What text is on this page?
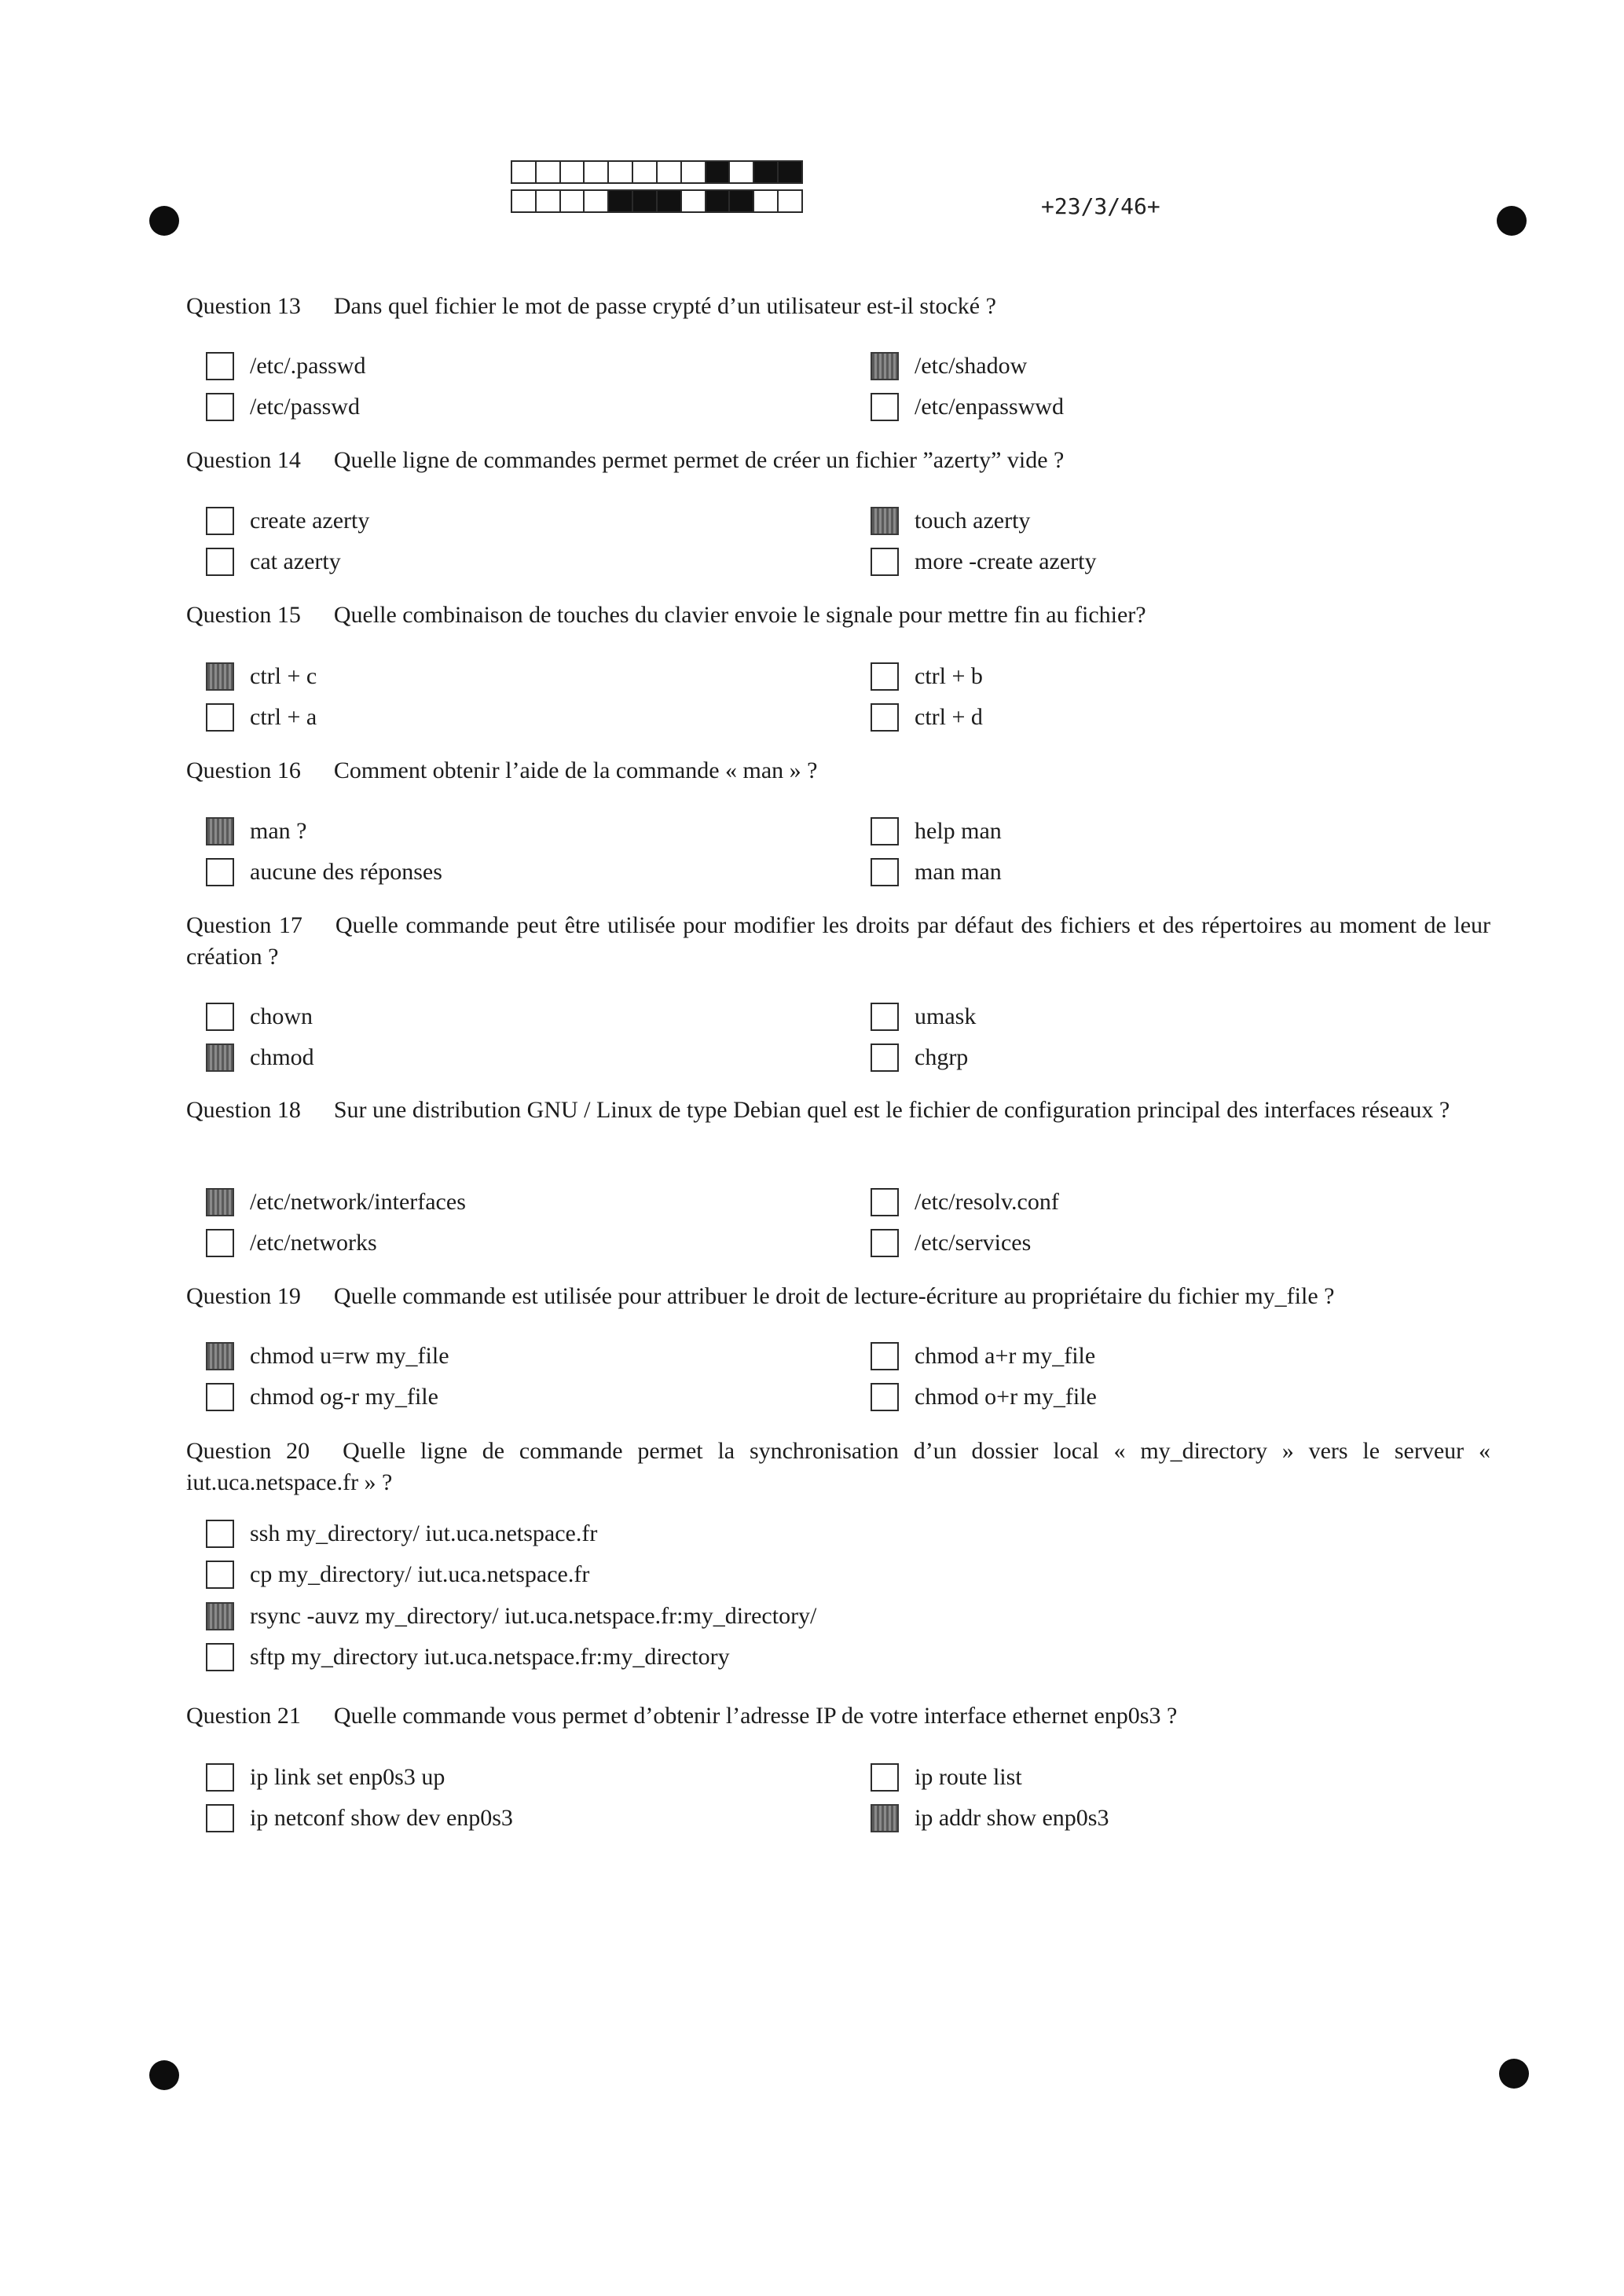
+23/3/46+
Question 13 Dans quel fichier le mot de passe crypté d’un utilisateur est-il stocké ?
/etc/.passwd	/etc/shadow
/etc/passwd	/etc/enpasswwd
Question 14 Quelle ligne de commandes permet permet de créer un fichier ”azerty” vide ?
create azerty	touch azerty
cat azerty	more -create azerty
Question 15 Quelle combinaison de touches du clavier envoie le signale pour mettre fin au fichier?
ctrl + c	ctrl + b
ctrl + a	ctrl + d
Question 16 Comment obtenir l’aide de la commande « man » ?
man ?	help man
aucune des réponses	man man
Question 17 Quelle commande peut être utilisée pour modifier les droits par défaut des fichiers et des répertoires au moment de leur création ?
chown	umask
chmod	chgrp
Question 18 Sur une distribution GNU / Linux de type Debian quel est le fichier de configuration principal des interfaces réseaux ?
/etc/network/interfaces	/etc/resolv.conf
/etc/networks	/etc/services
Question 19 Quelle commande est utilisée pour attribuer le droit de lecture-écriture au propriétaire du fichier my_file ?
chmod u=rw my_file	chmod a+r my_file
chmod og-r my_file	chmod o+r my_file
Question 20 Quelle ligne de commande permet la synchronisation d’un dossier local « my_directory » vers le serveur « iut.uca.netspace.fr » ?
ssh my_directory/ iut.uca.netspace.fr
cp my_directory/ iut.uca.netspace.fr
rsync -auvz my_directory/ iut.uca.netspace.fr:my_directory/
sftp my_directory iut.uca.netspace.fr:my_directory
Question 21 Quelle commande vous permet d’obtenir l’adresse IP de votre interface ethernet enp0s3 ?
ip link set enp0s3 up	ip route list
ip netconf show dev enp0s3	ip addr show enp0s3
